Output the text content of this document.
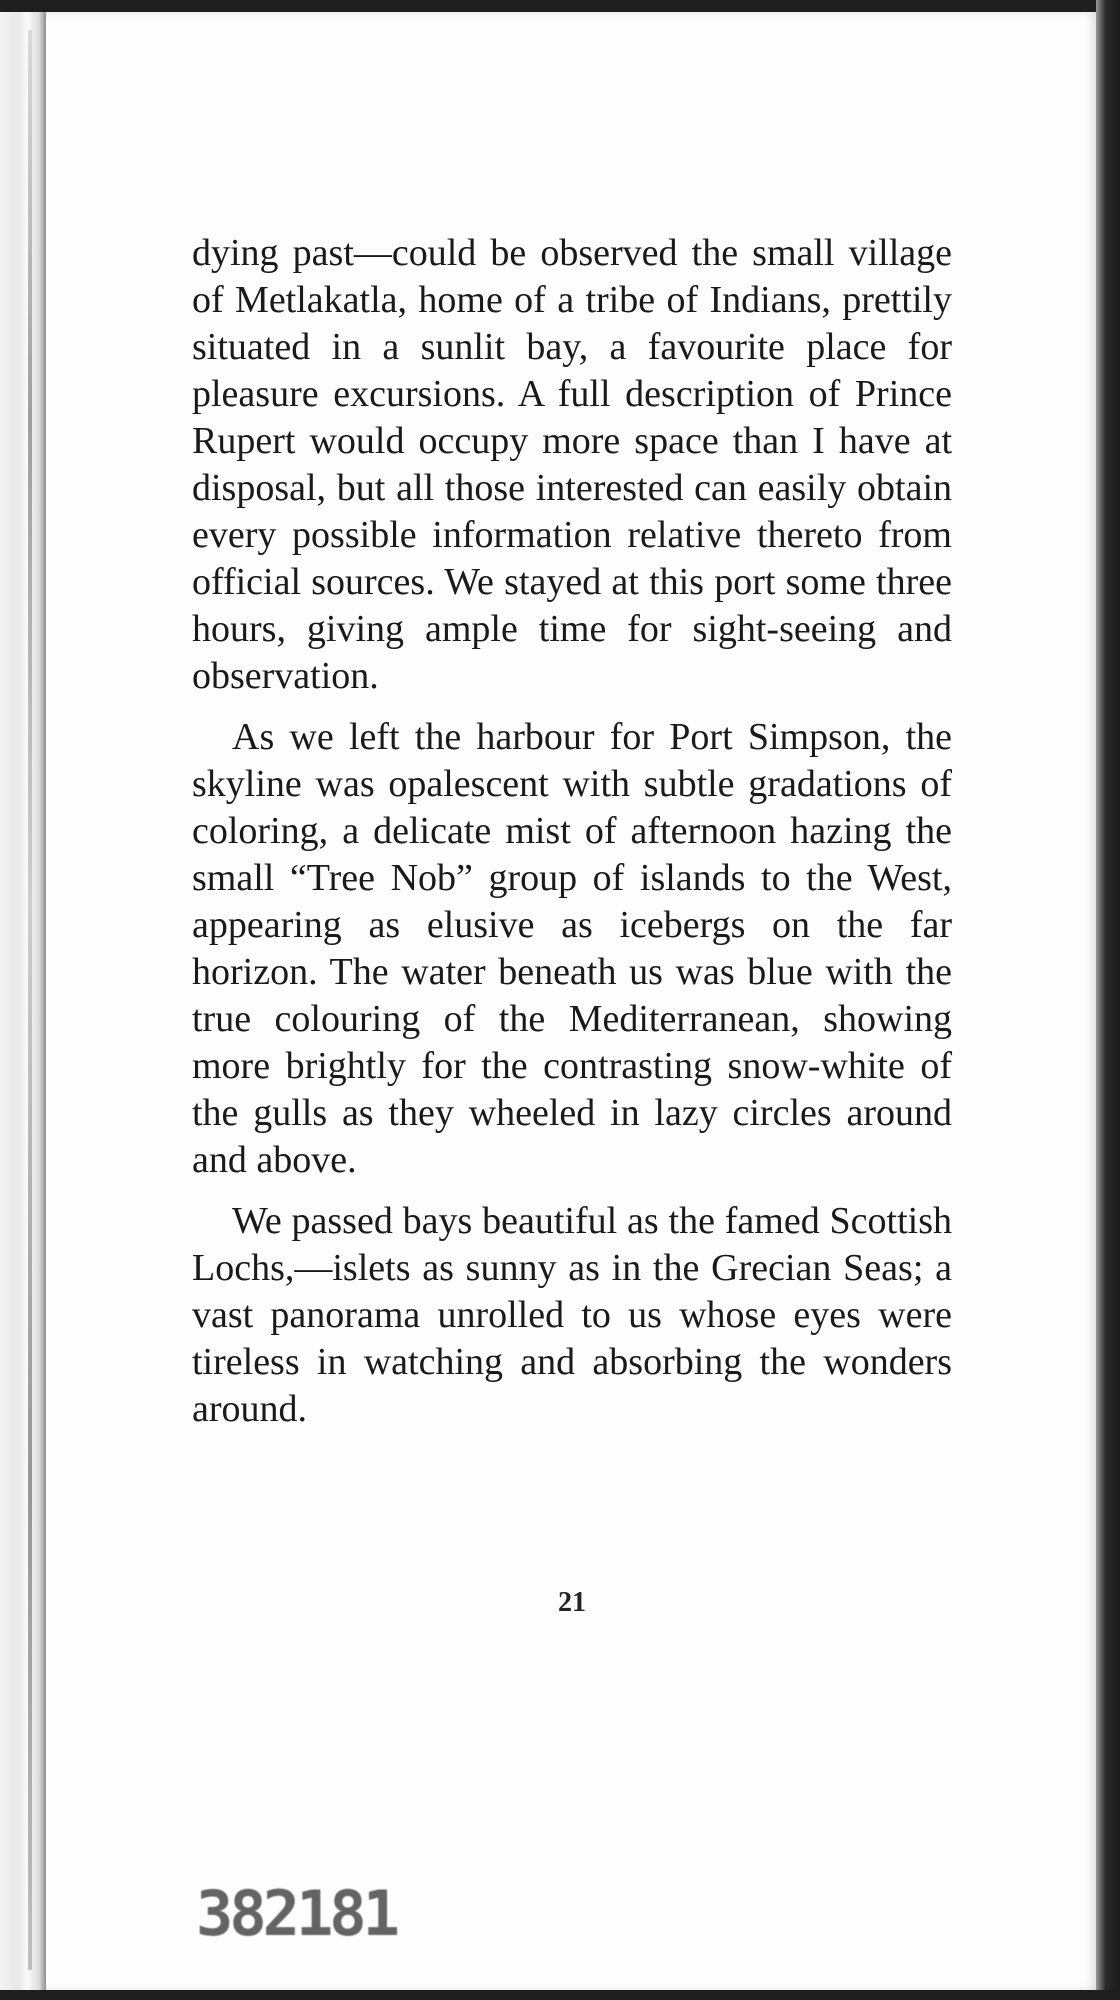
dying past—could be observed the small village of Metlakatla, home of a tribe of Indians, prettily situated in a sunlit bay, a favourite place for pleasure excursions. A full description of Prince Rupert would occupy more space than I have at disposal, but all those interested can easily obtain every possible information relative thereto from official sources. We stayed at this port some three hours, giving ample time for sight-seeing and observation.

As we left the harbour for Port Simpson, the skyline was opalescent with subtle gradations of coloring, a delicate mist of afternoon hazing the small “Tree Nob” group of islands to the West, appearing as elusive as icebergs on the far horizon. The water beneath us was blue with the true colouring of the Mediterranean, showing more brightly for the contrasting snow-white of the gulls as they wheeled in lazy circles around and above.

We passed bays beautiful as the famed Scottish Lochs,—islets as sunny as in the Grecian Seas; a vast panorama unrolled to us whose eyes were tireless in watching and absorbing the wonders around.

21
382181
